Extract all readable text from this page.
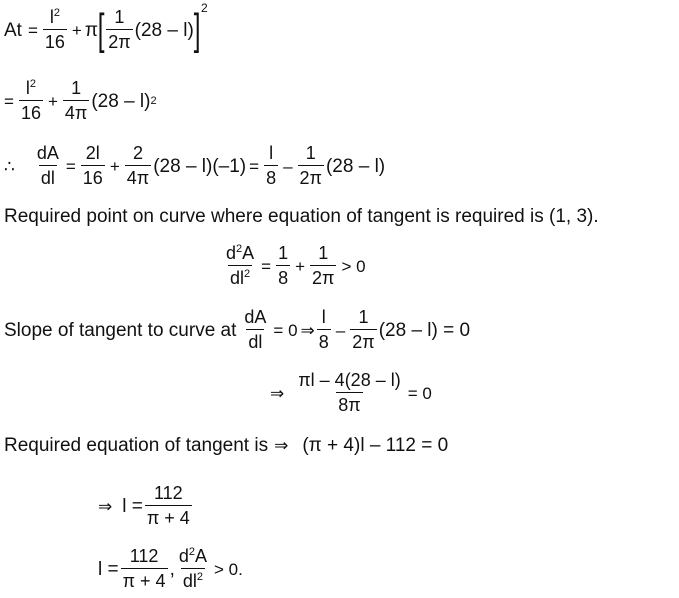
$At = \frac{l^2}{16} + \pi$ [ $\frac{1}{2\pi} (28 - l)$ ] 2
= $\frac{l^2}{16} + \frac{1}{4\pi} (28 - l)$ 2
∴ $\frac{dA}{dl} = \frac{2l}{16} + \frac{2}{4\pi} (28 - l)(-1) = \frac{l}{8} - \frac{1}{2\pi} (28 - l)$
Required point on curve where equation of tangent is required is (1, 3).
$\frac{d^2A}{dl^2} = \frac{1}{8} + \frac{1}{2\pi} > 0$
Slope of tangent to curve at $\frac{dA}{dl} = 0$ ⇒ $\frac{l}{8} - \frac{1}{2\pi} (28 - l) = 0$
⇒ $\frac{\pi l - 4(28 - l)}{8\pi} = 0$
Required equation of tangent is ⇒ (π + 4)l – 112 = 0
⇒ $l = \frac{112}{\pi + 4}$
$l = \frac{112}{\pi + 4}$ , $\frac{d^2A}{dl^2} > 0$.
